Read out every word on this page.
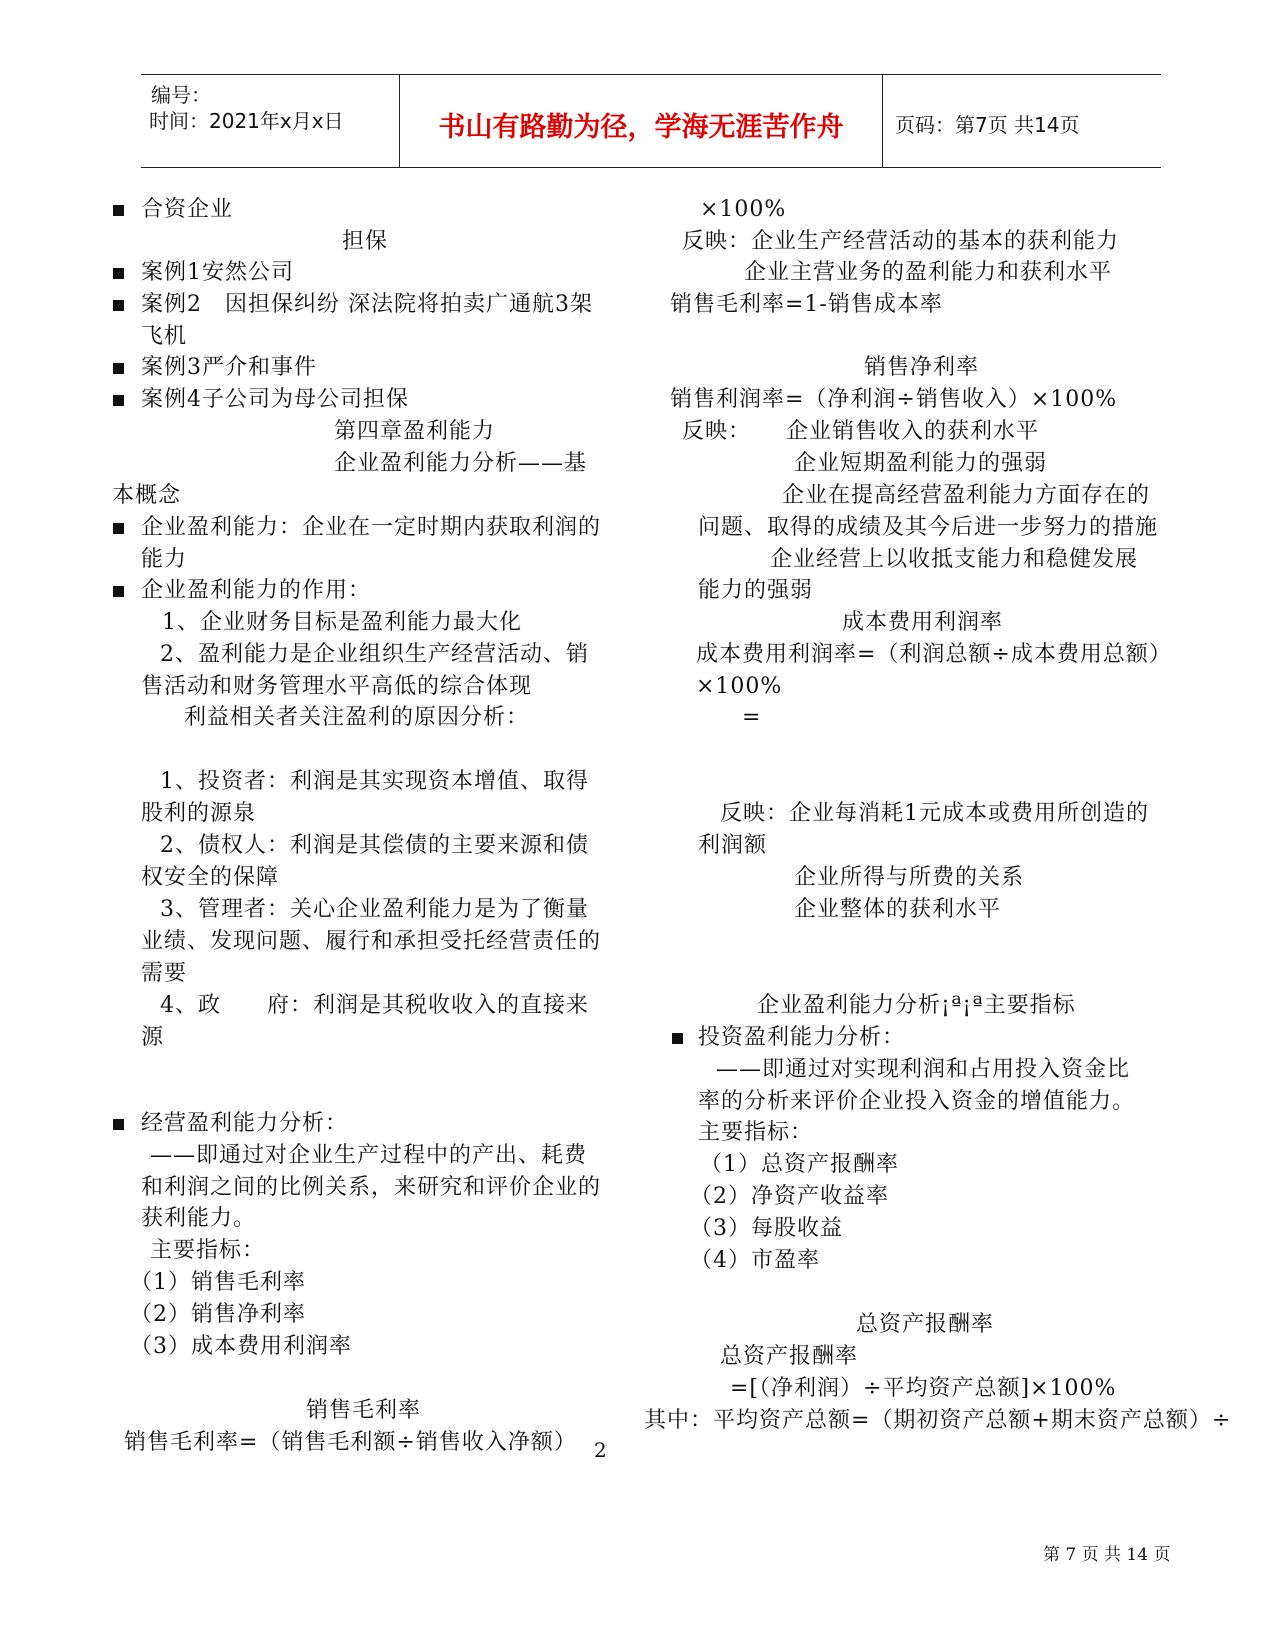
编号：
时间：2021年x月x日	书山有路勤为径，学海无涯苦作舟	页码：第7页 共14页
合资企业
担保
案例1安然公司
案例2　因担保纠纷 深法院将拍卖广通航3架
飞机
案例3严介和事件
案例4子公司为母公司担保
第四章盈利能力
企业盈利能力分析——基
本概念
企业盈利能力：企业在一定时期内获取利润的
能力
企业盈利能力的作用：
1、企业财务目标是盈利能力最大化
2、盈利能力是企业组织生产经营活动、销
售活动和财务管理水平高低的综合体现
利益相关者关注盈利的原因分析：
1、投资者：利润是其实现资本增值、取得
股利的源泉
2、债权人：利润是其偿债的主要来源和债
权安全的保障
3、管理者：关心企业盈利能力是为了衡量
业绩、发现问题、履行和承担受托经营责任的
需要
4、政　　府：利润是其税收收入的直接来
源
经营盈利能力分析：
——即通过对企业生产过程中的产出、耗费
和利润之间的比例关系，来研究和评价企业的
获利能力。
主要指标：
（1）销售毛利率
（2）销售净利率
（3）成本费用利润率
销售毛利率
销售毛利率=（销售毛利额÷销售收入净额） 2
×100%
反映：企业生产经营活动的基本的获利能力
企业主营业务的盈利能力和获利水平
销售毛利率=1-销售成本率
销售净利率
销售利润率=（净利润÷销售收入）×100%
反映：　　企业销售收入的获利水平
企业短期盈利能力的强弱
企业在提高经营盈利能力方面存在的
问题、取得的成绩及其今后进一步努力的措施
企业经营上以收抵支能力和稳健发展
能力的强弱
成本费用利润率
成本费用利润率=（利润总额÷成本费用总额）
×100%
=
反映：企业每消耗1元成本或费用所创造的
利润额
企业所得与所费的关系
企业整体的获利水平
企业盈利能力分析¡ª¡ª主要指标
投资盈利能力分析：
——即通过对实现利润和占用投入资金比
率的分析来评价企业投入资金的增值能力。
主要指标：
（1）总资产报酬率
（2）净资产收益率
（3）每股收益
（4）市盈率
总资产报酬率
总资产报酬率
=[（净利润）÷平均资产总额]×100%
其中：平均资产总额=（期初资产总额+期末资产总额）÷
第 7 页 共 14 页
